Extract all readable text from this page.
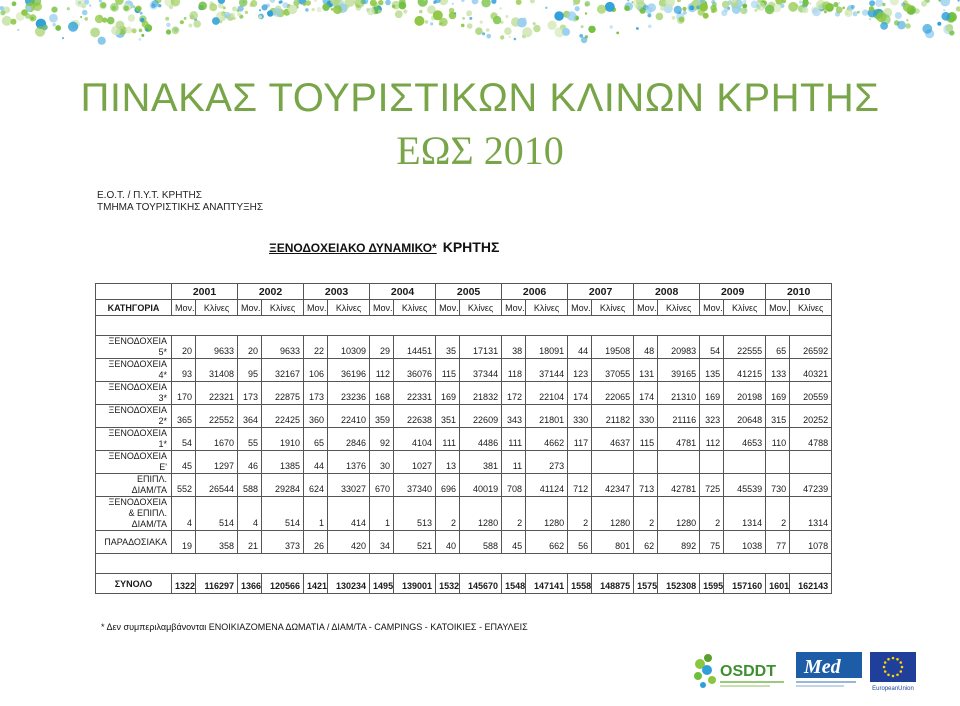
ΠΙΝΑΚΑΣ ΤΟΥΡΙΣΤΙΚΩΝ ΚΛΙΝΩΝ ΚΡΗΤΗΣ
ΕΩΣ 2010
Ε.Ο.Τ. / Π.Υ.Τ. ΚΡΗΤΗΣ
ΤΜΗΜΑ ΤΟΥΡΙΣΤΙΚΗΣ ΑΝΑΠΤΥΞΗΣ
ΞΕΝΟΔΟΧΕΙΑΚΟ ΔΥΝΑΜΙΚΟ* ΚΡΗΤΗΣ
	2001		2002		2003		2004		2005		2006		2007		2008		2009		2010	
ΚΑΤΗΓΟΡΙΑ	Μον.	Κλίνες	Μον.	Κλίνες	Μον.	Κλίνες	Μον.	Κλίνες	Μον.	Κλίνες	Μον.	Κλίνες	Μον.	Κλίνες	Μον.	Κλίνες	Μον.	Κλίνες	Μον.	Κλίνες

ΞΕΝΟΔΟΧΕΙΑ
5*	20	9633	20	9633	22	10309	29	14451	35	17131	38	18091	44	19508	48	20983	54	22555	65	26592

ΞΕΝΟΔΟΧΕΙΑ
4*	93	31408	95	32167	106	36196	112	36076	115	37344	118	37144	123	37055	131	39165	135	41215	133	40321

ΞΕΝΟΔΟΧΕΙΑ
3*	170	22321	173	22875	173	23236	168	22331	169	21832	172	22104	174	22065	174	21310	169	20198	169	20559

ΞΕΝΟΔΟΧΕΙΑ
2*	365	22552	364	22425	360	22410	359	22638	351	22609	343	21801	330	21182	330	21116	323	20648	315	20252

ΞΕΝΟΔΟΧΕΙΑ
1*	54	1670	55	1910	65	2846	92	4104	111	4486	111	4662	117	4637	115	4781	112	4653	110	4788

ΞΕΝΟΔΟΧΕΙΑ
Ε'	45	1297	46	1385	44	1376	30	1027	13	381	11	273								

ΕΠΙΠΛ.
ΔΙΑΜ/ΤΑ	552	26544	588	29284	624	33027	670	37340	696	40019	708	41124	712	42347	713	42781	725	45539	730	47239

ΞΕΝΟΔΟΧΕΙΑ
& ΕΠΙΠΛ.
ΔΙΑΜ/ΤΑ	4	514	4	514	1	414	1	513	2	1280	2	1280	2	1280	2	1280	2	1314	2	1314

ΠΑΡΑΔΟΣΙΑΚΑ	19	358	21	373	26	420	34	521	40	588	45	662	56	801	62	892	75	1038	77	1078

ΣΥΝΟΛΟ	1322	116297	1366	120566	1421	130234	1495	139001	1532	145670	1548	147141	1558	148875	1575	152308	1595	157160	1601	162143
* Δεν συμπεριλαμβάνονται ΕΝΟΙΚΙΑΖΟΜΕΝΑ ΔΩΜΑΤΙΑ / ΔΙΑΜ/ΤΑ - CAMPINGS - ΚΑΤΟΙΚΙΕΣ - ΕΠΑΥΛΕΙΣ
OSDDT Med
EuropeanUnion
